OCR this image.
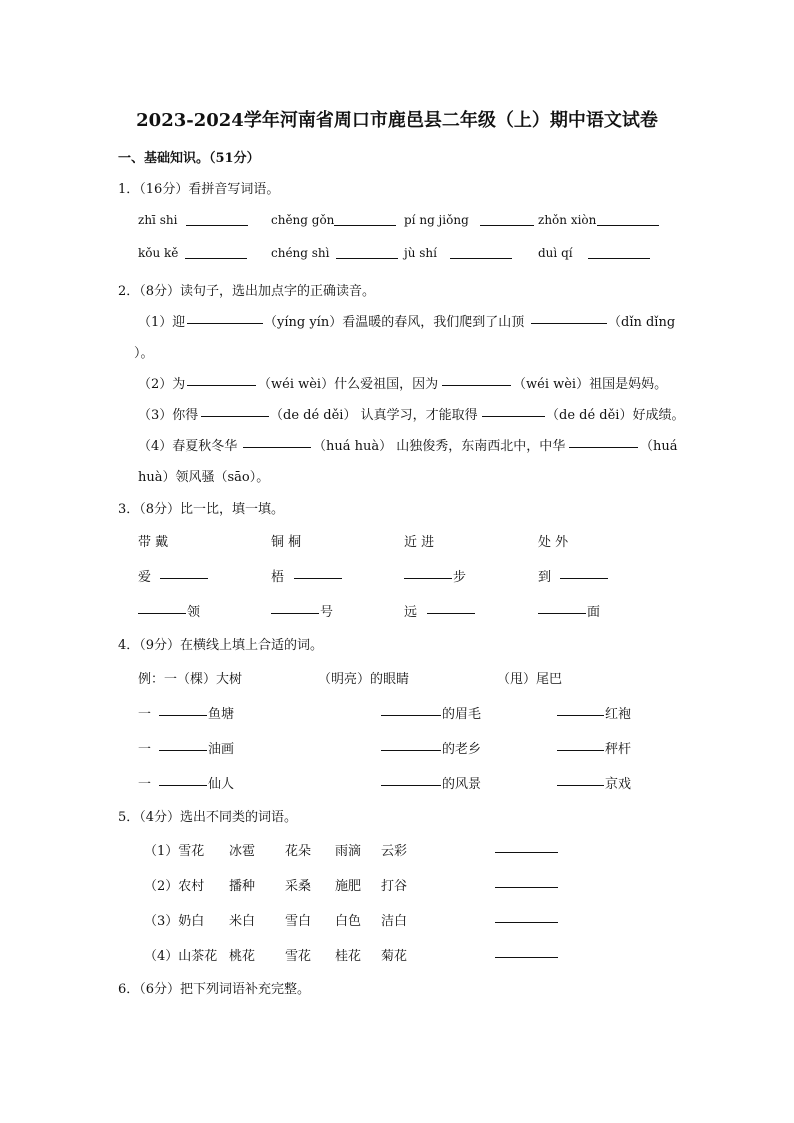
2023-2024学年河南省周口市鹿邑县二年级（上）期中语文试卷
一、基础知识。（51分）
1．（16分）看拼音写词语。
zhī shi	chěng gǒn	pí ng jiǒng	zhǒn xiòn
kǒu kě	chéng shì	jù shí	duì qí
2．（8分）读句子，选出加点字的正确读音。
（1）迎	（yíng yín）看温暖的春风，我们爬到了山顶	（dǐn dǐng
）。
（2）为	（wéi wèi）什么爱祖国，因为	（wéi wèi）祖国是妈妈。
（3）你得	（de dé děi） 认真学习，才能取得	（de dé děi）好成绩。
（4）春夏秋冬华	（huá huà） 山独俊秀，东南西北中，中华	（huá
huà）领风骚（sāo）。
3．（8分）比一比，填一填。
带 戴	铜 桐	近 进	处 外
爱	梧	步	到
领	号	远	面
4．（9分）在横线上填上合适的词。
例：一（棵）大树	（明亮）的眼睛	（甩）尾巴
一	鱼塘	的眉毛	红袍
一	油画	的老乡	秤杆
一	仙人	的风景	京戏
5．（4分）选出不同类的词语。
（1）雪花 冰雹 花朵 雨滴 云彩
（2）农村 播种 采桑 施肥 打谷
（3）奶白 米白 雪白 白色 洁白
（4）山茶花 桃花 雪花 桂花 菊花
6．（6分）把下列词语补充完整。
